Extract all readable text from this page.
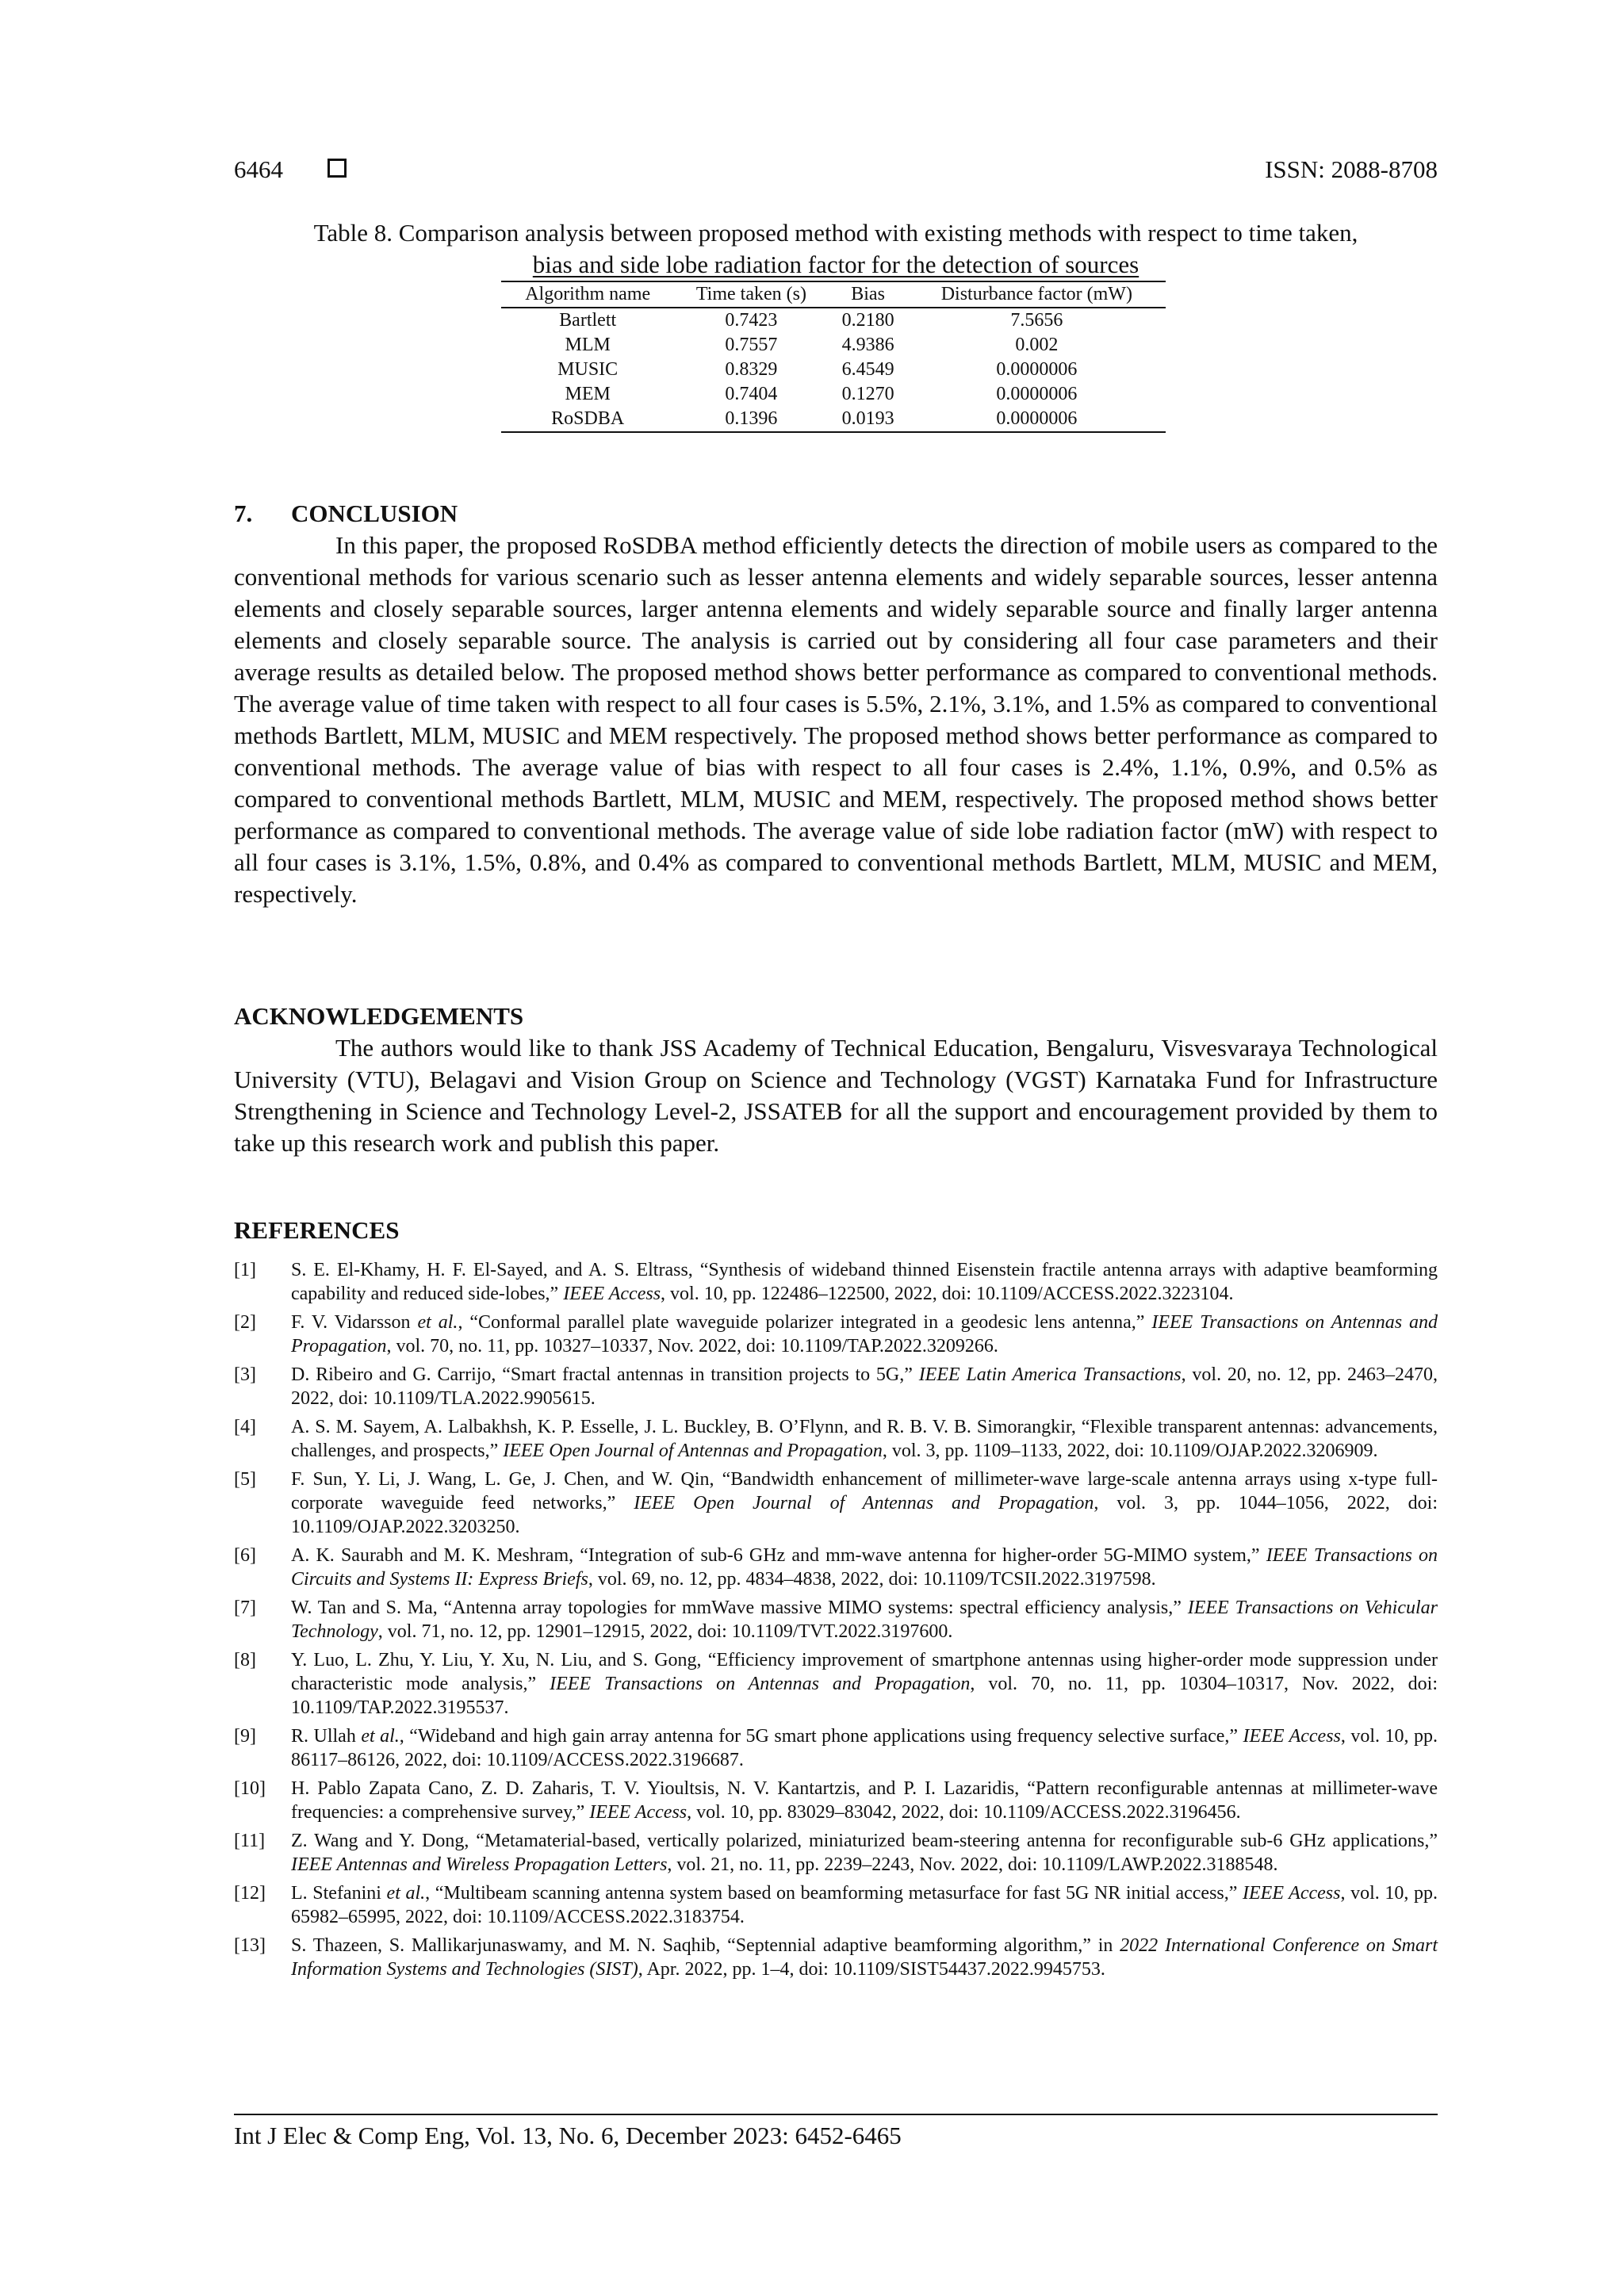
6464	ISSN: 2088-8708
Table 8. Comparison analysis between proposed method with existing methods with respect to time taken,
bias and side lobe radiation factor for the detection of sources
Algorithm name	Time taken (s)	Bias	Disturbance factor (mW)
Bartlett	0.7423	0.2180	7.5656
MLM	0.7557	4.9386	0.002
MUSIC	0.8329	6.4549	0.0000006
MEM	0.7404	0.1270	0.0000006
RoSDBA	0.1396	0.0193	0.0000006
7. CONCLUSION

In this paper, the proposed RoSDBA method efficiently detects the direction of mobile users as compared to the conventional methods for various scenario such as lesser antenna elements and widely separable sources, lesser antenna elements and closely separable sources, larger antenna elements and widely separable source and finally larger antenna elements and closely separable source. The analysis is carried out by considering all four case parameters and their average results as detailed below. The proposed method shows better performance as compared to conventional methods. The average value of time taken with respect to all four cases is 5.5%, 2.1%, 3.1%, and 1.5% as compared to conventional methods Bartlett, MLM, MUSIC and MEM respectively. The proposed method shows better performance as compared to conventional methods. The average value of bias with respect to all four cases is 2.4%, 1.1%, 0.9%, and 0.5% as compared to conventional methods Bartlett, MLM, MUSIC and MEM, respectively. The proposed method shows better performance as compared to conventional methods. The average value of side lobe radiation factor (mW) with respect to all four cases is 3.1%, 1.5%, 0.8%, and 0.4% as compared to conventional methods Bartlett, MLM, MUSIC and MEM, respectively.

ACKNOWLEDGEMENTS

The authors would like to thank JSS Academy of Technical Education, Bengaluru, Visvesvaraya Technological University (VTU), Belagavi and Vision Group on Science and Technology (VGST) Karnataka Fund for Infrastructure Strengthening in Science and Technology Level-2, JSSATEB for all the support and encouragement provided by them to take up this research work and publish this paper.

REFERENCES
[1] S. E. El-Khamy, H. F. El-Sayed, and A. S. Eltrass, “Synthesis of wideband thinned Eisenstein fractile antenna arrays with adaptive beamforming capability and reduced side-lobes,” IEEE Access, vol. 10, pp. 122486–122500, 2022, doi: 10.1109/ACCESS.2022.3223104.
[2] F. V. Vidarsson et al., “Conformal parallel plate waveguide polarizer integrated in a geodesic lens antenna,” IEEE Transactions on Antennas and Propagation, vol. 70, no. 11, pp. 10327–10337, Nov. 2022, doi: 10.1109/TAP.2022.3209266.
[3] D. Ribeiro and G. Carrijo, “Smart fractal antennas in transition projects to 5G,” IEEE Latin America Transactions, vol. 20, no. 12, pp. 2463–2470, 2022, doi: 10.1109/TLA.2022.9905615.
[4] A. S. M. Sayem, A. Lalbakhsh, K. P. Esselle, J. L. Buckley, B. O’Flynn, and R. B. V. B. Simorangkir, “Flexible transparent antennas: advancements, challenges, and prospects,” IEEE Open Journal of Antennas and Propagation, vol. 3, pp. 1109–1133, 2022, doi: 10.1109/OJAP.2022.3206909.
[5] F. Sun, Y. Li, J. Wang, L. Ge, J. Chen, and W. Qin, “Bandwidth enhancement of millimeter-wave large-scale antenna arrays using x-type full-corporate waveguide feed networks,” IEEE Open Journal of Antennas and Propagation, vol. 3, pp. 1044–1056, 2022, doi: 10.1109/OJAP.2022.3203250.
[6] A. K. Saurabh and M. K. Meshram, “Integration of sub-6 GHz and mm-wave antenna for higher-order 5G-MIMO system,” IEEE Transactions on Circuits and Systems II: Express Briefs, vol. 69, no. 12, pp. 4834–4838, 2022, doi: 10.1109/TCSII.2022.3197598.
[7] W. Tan and S. Ma, “Antenna array topologies for mmWave massive MIMO systems: spectral efficiency analysis,” IEEE Transactions on Vehicular Technology, vol. 71, no. 12, pp. 12901–12915, 2022, doi: 10.1109/TVT.2022.3197600.
[8] Y. Luo, L. Zhu, Y. Liu, Y. Xu, N. Liu, and S. Gong, “Efficiency improvement of smartphone antennas using higher-order mode suppression under characteristic mode analysis,” IEEE Transactions on Antennas and Propagation, vol. 70, no. 11, pp. 10304–10317, Nov. 2022, doi: 10.1109/TAP.2022.3195537.
[9] R. Ullah et al., “Wideband and high gain array antenna for 5G smart phone applications using frequency selective surface,” IEEE Access, vol. 10, pp. 86117–86126, 2022, doi: 10.1109/ACCESS.2022.3196687.
[10] H. Pablo Zapata Cano, Z. D. Zaharis, T. V. Yioultsis, N. V. Kantartzis, and P. I. Lazaridis, “Pattern reconfigurable antennas at millimeter-wave frequencies: a comprehensive survey,” IEEE Access, vol. 10, pp. 83029–83042, 2022, doi: 10.1109/ACCESS.2022.3196456.
[11] Z. Wang and Y. Dong, “Metamaterial-based, vertically polarized, miniaturized beam-steering antenna for reconfigurable sub-6 GHz applications,” IEEE Antennas and Wireless Propagation Letters, vol. 21, no. 11, pp. 2239–2243, Nov. 2022, doi: 10.1109/LAWP.2022.3188548.
[12] L. Stefanini et al., “Multibeam scanning antenna system based on beamforming metasurface for fast 5G NR initial access,” IEEE Access, vol. 10, pp. 65982–65995, 2022, doi: 10.1109/ACCESS.2022.3183754.
[13] S. Thazeen, S. Mallikarjunaswamy, and M. N. Saqhib, “Septennial adaptive beamforming algorithm,” in 2022 International Conference on Smart Information Systems and Technologies (SIST), Apr. 2022, pp. 1–4, doi: 10.1109/SIST54437.2022.9945753.
Int J Elec & Comp Eng, Vol. 13, No. 6, December 2023: 6452-6465
